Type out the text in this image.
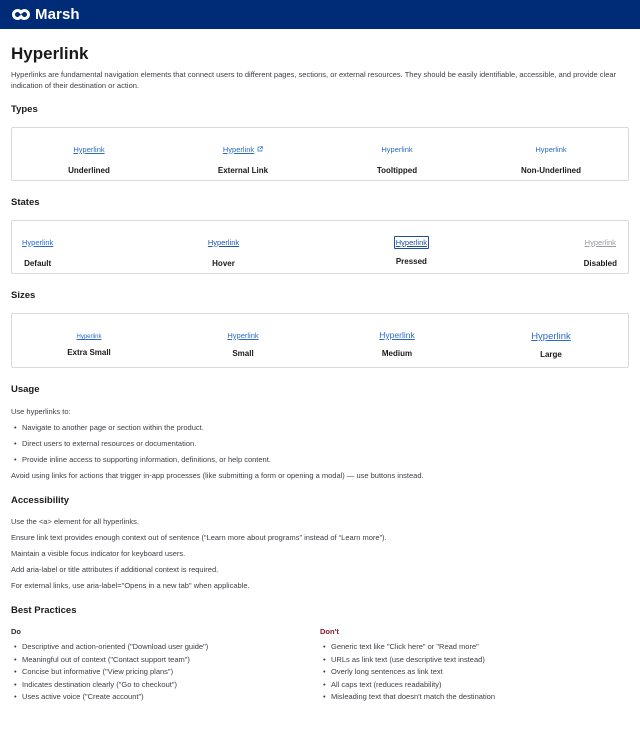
Marsh
Hyperlink

Hyperlinks are fundamental navigation elements that connect users to different pages, sections, or external resources. They should be easily identifiable, accessible, and provide clear indication of their destination or action.

Types
Hyperlink
Underlined
Hyperlink
External Link
Hyperlink
Tooltipped
Hyperlink
Non-Underlined
States
Hyperlink
Default
Hyperlink
Hover
Hyperlink
Pressed
Hyperlink
Disabled
Sizes
Hyperlink
Extra Small
Hyperlink
Small
Hyperlink
Medium
Hyperlink
Large
Usage

Use hyperlinks to:

• Navigate to another page or section within the product.
• Direct users to external resources or documentation.
• Provide inline access to supporting information, definitions, or help content.

Avoid using links for actions that trigger in-app processes (like submitting a form or opening a modal) — use buttons instead.

Accessibility

Use the <a> element for all hyperlinks.

Ensure link text provides enough context out of sentence (“Learn more about programs” instead of “Learn more”).

Maintain a visible focus indicator for keyboard users.

Add aria-label or title attributes if additional context is required.

For external links, use aria-label="Opens in a new tab" when applicable.

Best Practices
Do
• Descriptive and action-oriented ("Download user guide")
• Meaningful out of context ("Contact support team")
• Concise but informative ("View pricing plans")
• Indicates destination clearly ("Go to checkout")
• Uses active voice ("Create account")
Don't
• Generic text like "Click here" or "Read more"
• URLs as link text (use descriptive text instead)
• Overly long sentences as link text
• All caps text (reduces readability)
• Misleading text that doesn't match the destination
